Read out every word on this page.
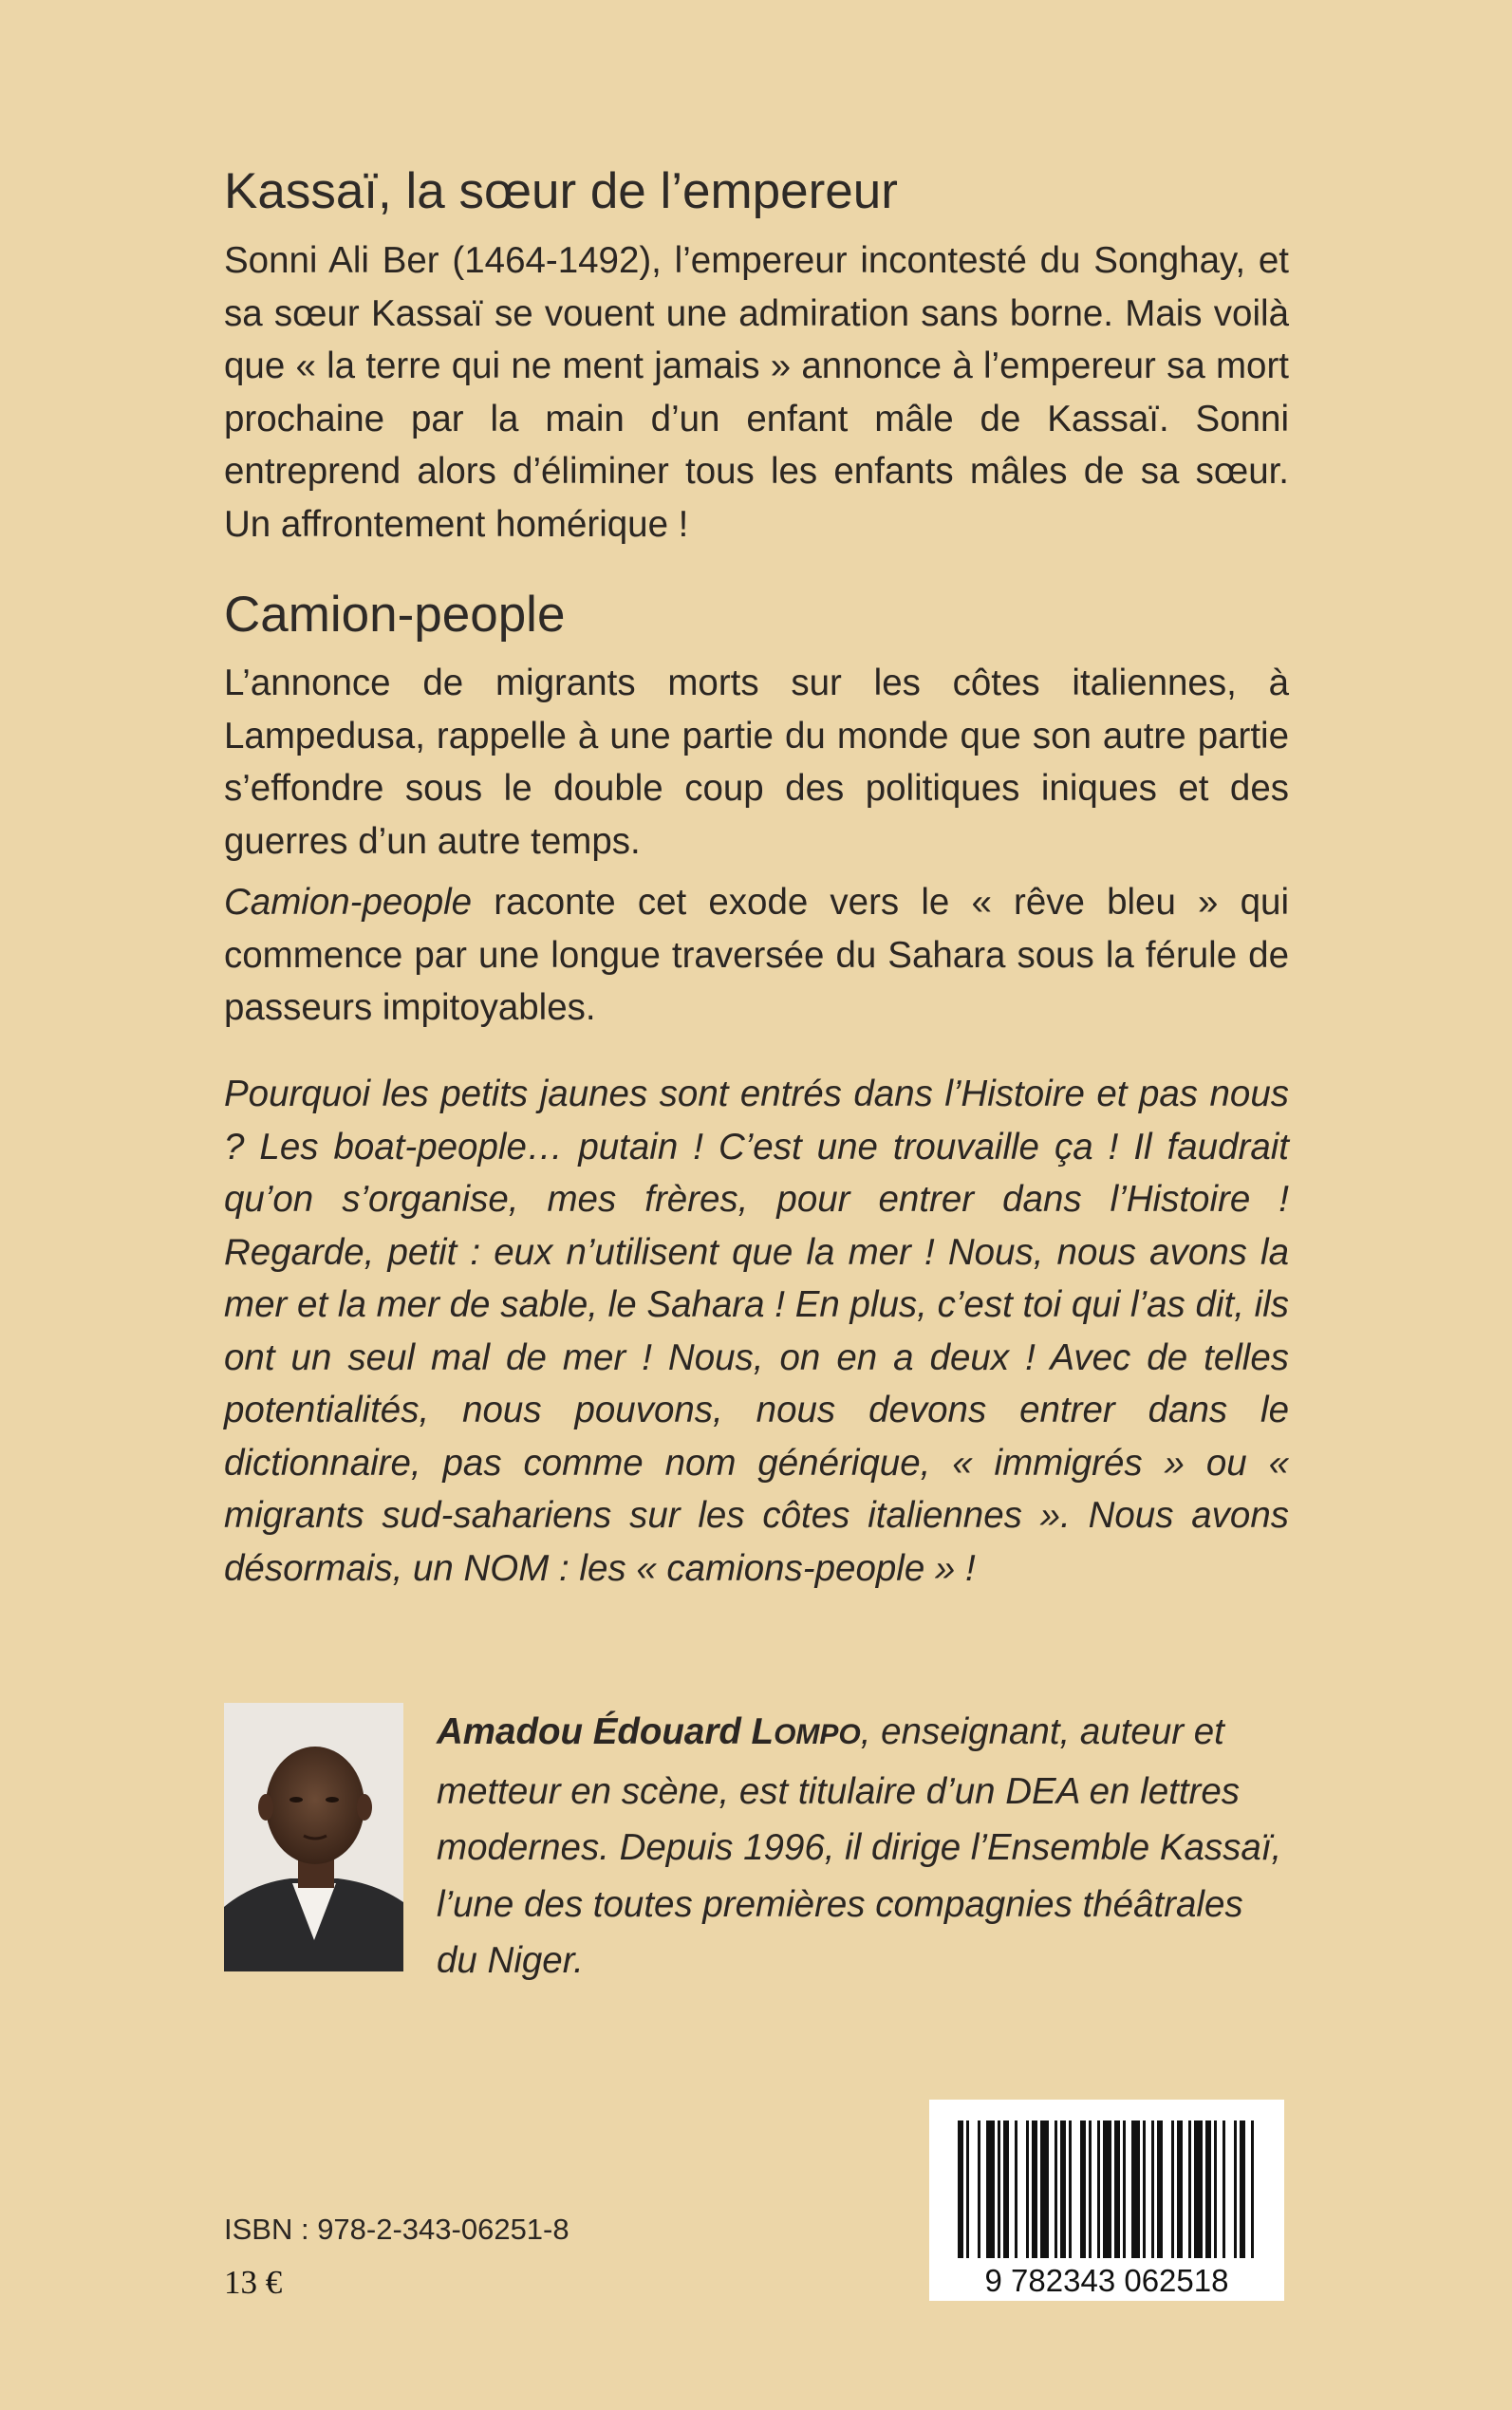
Kassaï, la sœur de l’empereur

Sonni Ali Ber (1464-1492), l’empereur incontesté du Songhay, et sa sœur Kassaï se vouent une admiration sans borne. Mais voilà que « la terre qui ne ment jamais » annonce à l’empereur sa mort prochaine par la main d’un enfant mâle de Kassaï. Sonni entreprend alors d’éliminer tous les enfants mâles de sa sœur. Un affrontement homérique !

Camion-people

L’annonce de migrants morts sur les côtes italiennes, à Lampedusa, rappelle à une partie du monde que son autre partie s’effondre sous le double coup des politiques iniques et des guerres d’un autre temps.

Camion-people raconte cet exode vers le « rêve bleu » qui commence par une longue traversée du Sahara sous la férule de passeurs impitoyables.

Pourquoi les petits jaunes sont entrés dans l’Histoire et pas nous ? Les boat-people… putain ! C’est une trouvaille ça ! Il faudrait qu’on s’organise, mes frères, pour entrer dans l’Histoire ! Regarde, petit : eux n’utilisent que la mer ! Nous, nous avons la mer et la mer de sable, le Sahara ! En plus, c’est toi qui l’as dit, ils ont un seul mal de mer ! Nous, on en a deux ! Avec de telles potentialités, nous pouvons, nous devons entrer dans le dictionnaire, pas comme nom générique, « immigrés » ou « migrants sud-sahariens sur les côtes italiennes ». Nous avons désormais, un NOM : les « camions-people » !

Amadou Édouard LOMPO, enseignant, auteur et metteur en scène, est titulaire d’un DEA en lettres modernes. Depuis 1996, il dirige l’Ensemble Kassaï, l’une des toutes premières compagnies théâtrales du Niger.
9 782343 062518
ISBN : 978-2-343-06251-8
13 €
